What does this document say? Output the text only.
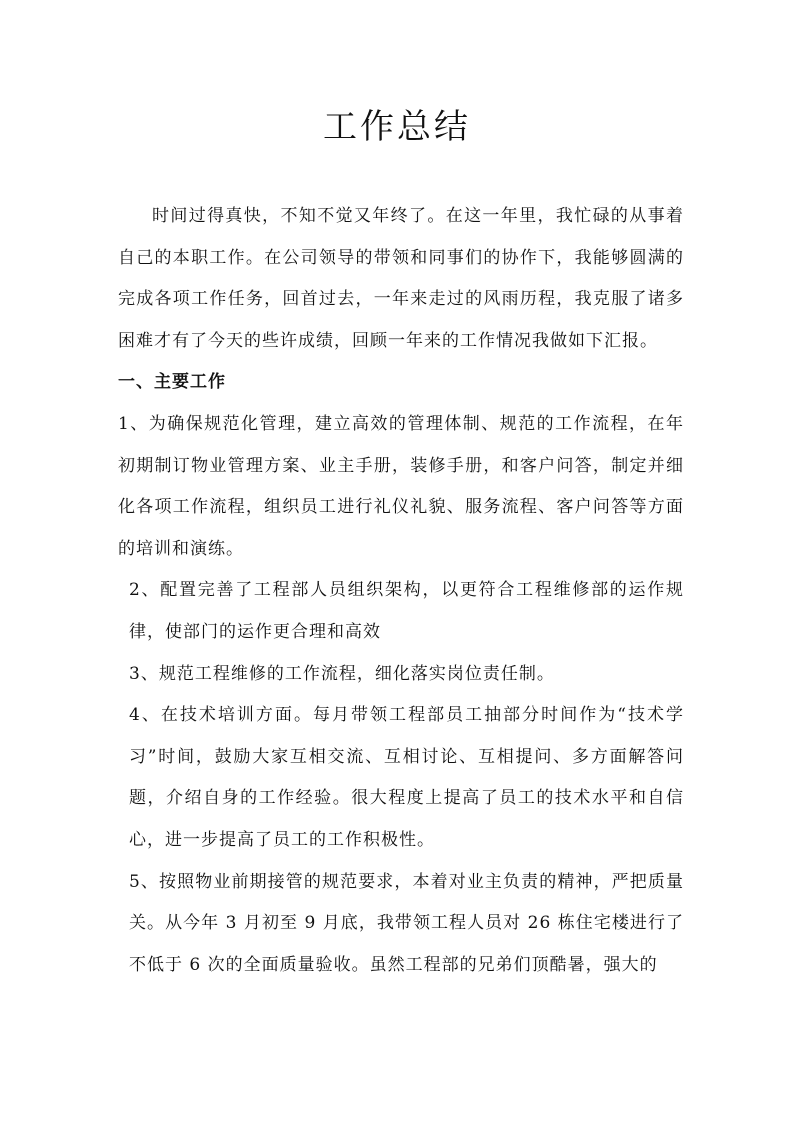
工作总结

时间过得真快，不知不觉又年终了。在这一年里，我忙碌的从事着自己的本职工作。在公司领导的带领和同事们的协作下，我能够圆满的完成各项工作任务，回首过去，一年来走过的风雨历程，我克服了诸多困难才有了今天的些许成绩，回顾一年来的工作情况我做如下汇报。

一、主要工作

1、为确保规范化管理，建立高效的管理体制、规范的工作流程，在年初期制订物业管理方案、业主手册，装修手册，和客户问答，制定并细化各项工作流程，组织员工进行礼仪礼貌、服务流程、客户问答等方面的培训和演练。

2、配置完善了工程部人员组织架构，以更符合工程维修部的运作规律，使部门的运作更合理和高效

3、规范工程维修的工作流程，细化落实岗位责任制。

4、在技术培训方面。每月带领工程部员工抽部分时间作为“技术学习”时间，鼓励大家互相交流、互相讨论、互相提问、多方面解答问题，介绍自身的工作经验。很大程度上提高了员工的技术水平和自信心，进一步提高了员工的工作积极性。

5、按照物业前期接管的规范要求，本着对业主负责的精神，严把质量关。从今年 3 月初至 9 月底，我带领工程人员对 26 栋住宅楼进行了不低于 6 次的全面质量验收。虽然工程部的兄弟们顶酷暑，强大的
